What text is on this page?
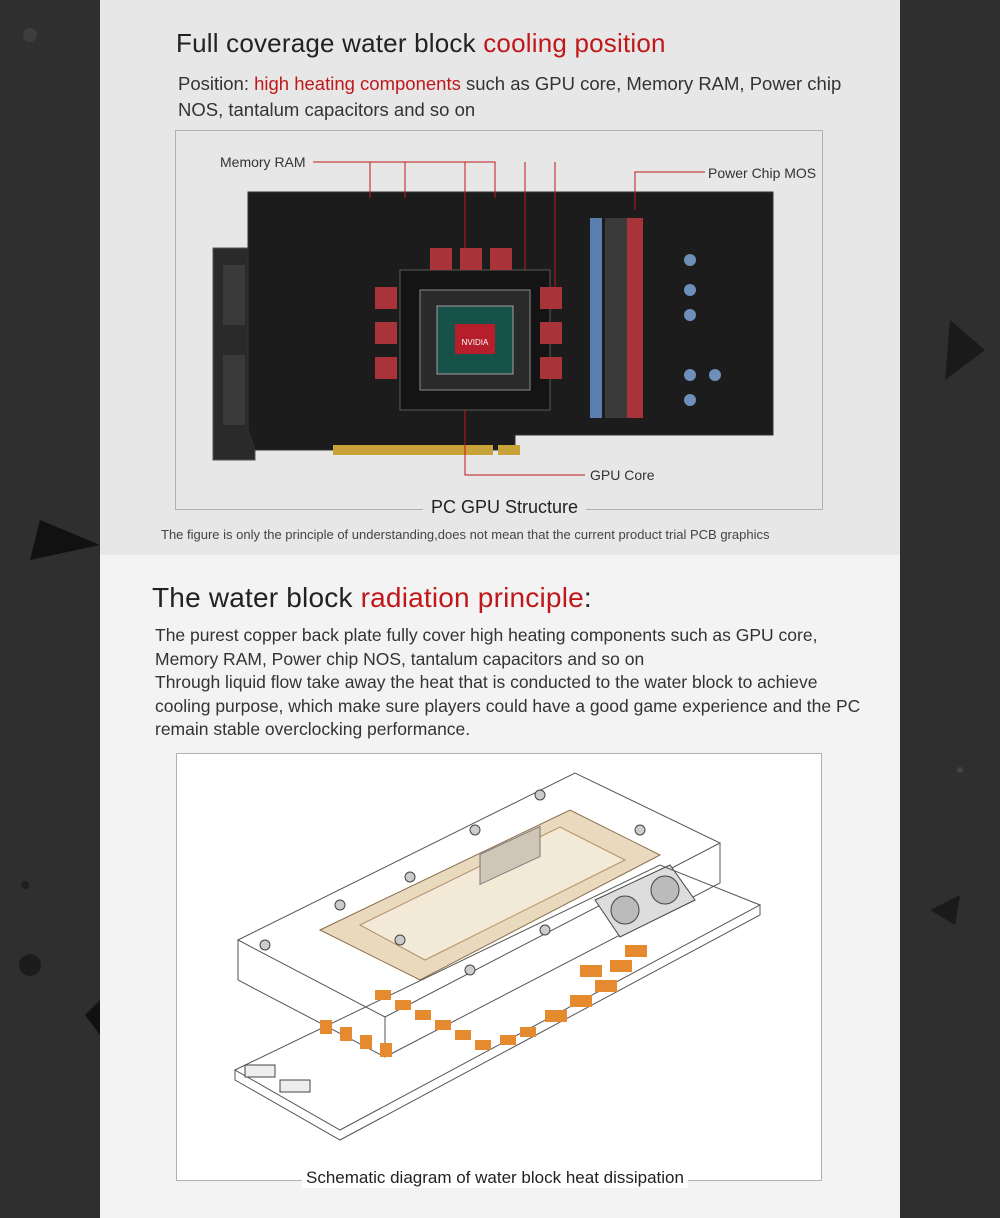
Full coverage water block cooling position
Position: high heating components such as GPU core, Memory RAM, Power chip
NOS, tantalum capacitors and so on
NVIDIA
Memory RAM
Power Chip MOS
GPU Core
PC GPU Structure
The figure is only the principle of understanding,does not mean that the current product trial PCB graphics
The water block radiation principle:
The purest copper back plate fully cover high heating components such as GPU core,
Memory RAM, Power chip NOS, tantalum capacitors and so on
Through liquid flow take away the heat that is conducted to the water block to achieve
cooling purpose, which make sure players could have a good game experience and the PC
remain stable overclocking performance.
Schematic diagram of water block heat dissipation
